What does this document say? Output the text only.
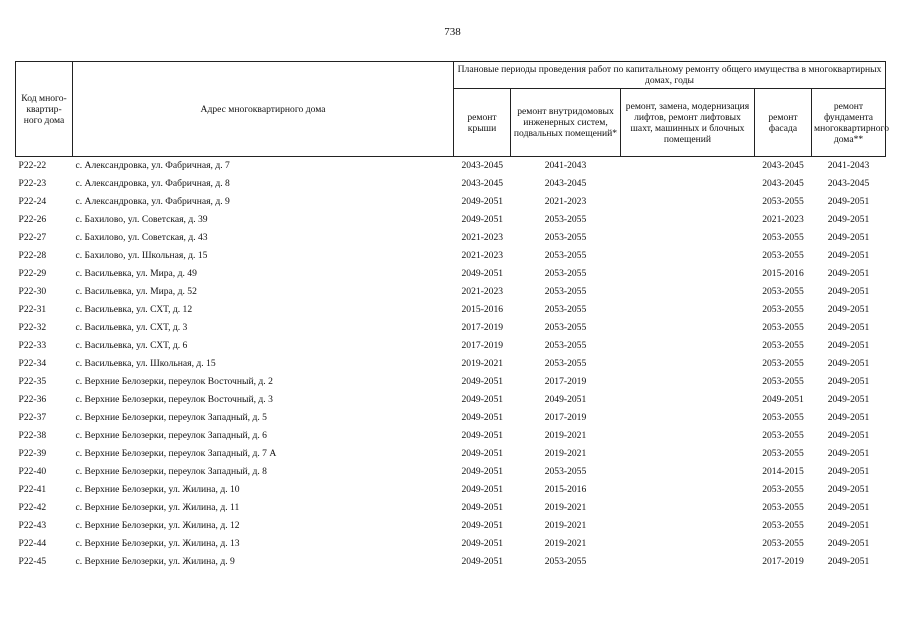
738
Код много-квартир-ного дома	Адрес многоквартирного дома	Плановые периоды проведения работ по капитальному ремонту общего имущества в многоквартирных домах, годы				
		ремонт крыши	ремонт внутридомовых инженерных систем, подвальных помещений*	ремонт, замена, модернизация лифтов, ремонт лифтовых шахт, машинных и блочных помещений	ремонт фасада	ремонт фундамента многоквартирного дома**
Р22-22	с. Александровка, ул. Фабричная, д. 7	2043-2045	2041-2043		2043-2045	2041-2043
Р22-23	с. Александровка, ул. Фабричная, д. 8	2043-2045	2043-2045		2043-2045	2043-2045
Р22-24	с. Александровка, ул. Фабричная, д. 9	2049-2051	2021-2023		2053-2055	2049-2051
Р22-26	с. Бахилово, ул. Советская, д. 39	2049-2051	2053-2055		2021-2023	2049-2051
Р22-27	с. Бахилово, ул. Советская, д. 43	2021-2023	2053-2055		2053-2055	2049-2051
Р22-28	с. Бахилово, ул. Школьная, д. 15	2021-2023	2053-2055		2053-2055	2049-2051
Р22-29	с. Васильевка, ул. Мира, д. 49	2049-2051	2053-2055		2015-2016	2049-2051
Р22-30	с. Васильевка, ул. Мира, д. 52	2021-2023	2053-2055		2053-2055	2049-2051
Р22-31	с. Васильевка, ул. СХТ, д. 12	2015-2016	2053-2055		2053-2055	2049-2051
Р22-32	с. Васильевка, ул. СХТ, д. 3	2017-2019	2053-2055		2053-2055	2049-2051
Р22-33	с. Васильевка, ул. СХТ, д. 6	2017-2019	2053-2055		2053-2055	2049-2051
Р22-34	с. Васильевка, ул. Школьная, д. 15	2019-2021	2053-2055		2053-2055	2049-2051
Р22-35	с. Верхние Белозерки, переулок Восточный, д. 2	2049-2051	2017-2019		2053-2055	2049-2051
Р22-36	с. Верхние Белозерки, переулок Восточный, д. 3	2049-2051	2049-2051		2049-2051	2049-2051
Р22-37	с. Верхние Белозерки, переулок Западный, д. 5	2049-2051	2017-2019		2053-2055	2049-2051
Р22-38	с. Верхние Белозерки, переулок Западный, д. 6	2049-2051	2019-2021		2053-2055	2049-2051
Р22-39	с. Верхние Белозерки, переулок Западный, д. 7 А	2049-2051	2019-2021		2053-2055	2049-2051
Р22-40	с. Верхние Белозерки, переулок Западный, д. 8	2049-2051	2053-2055		2014-2015	2049-2051
Р22-41	с. Верхние Белозерки, ул. Жилина, д. 10	2049-2051	2015-2016		2053-2055	2049-2051
Р22-42	с. Верхние Белозерки, ул. Жилина, д. 11	2049-2051	2019-2021		2053-2055	2049-2051
Р22-43	с. Верхние Белозерки, ул. Жилина, д. 12	2049-2051	2019-2021		2053-2055	2049-2051
Р22-44	с. Верхние Белозерки, ул. Жилина, д. 13	2049-2051	2019-2021		2053-2055	2049-2051
Р22-45	с. Верхние Белозерки, ул. Жилина, д. 9	2049-2051	2053-2055		2017-2019	2049-2051
